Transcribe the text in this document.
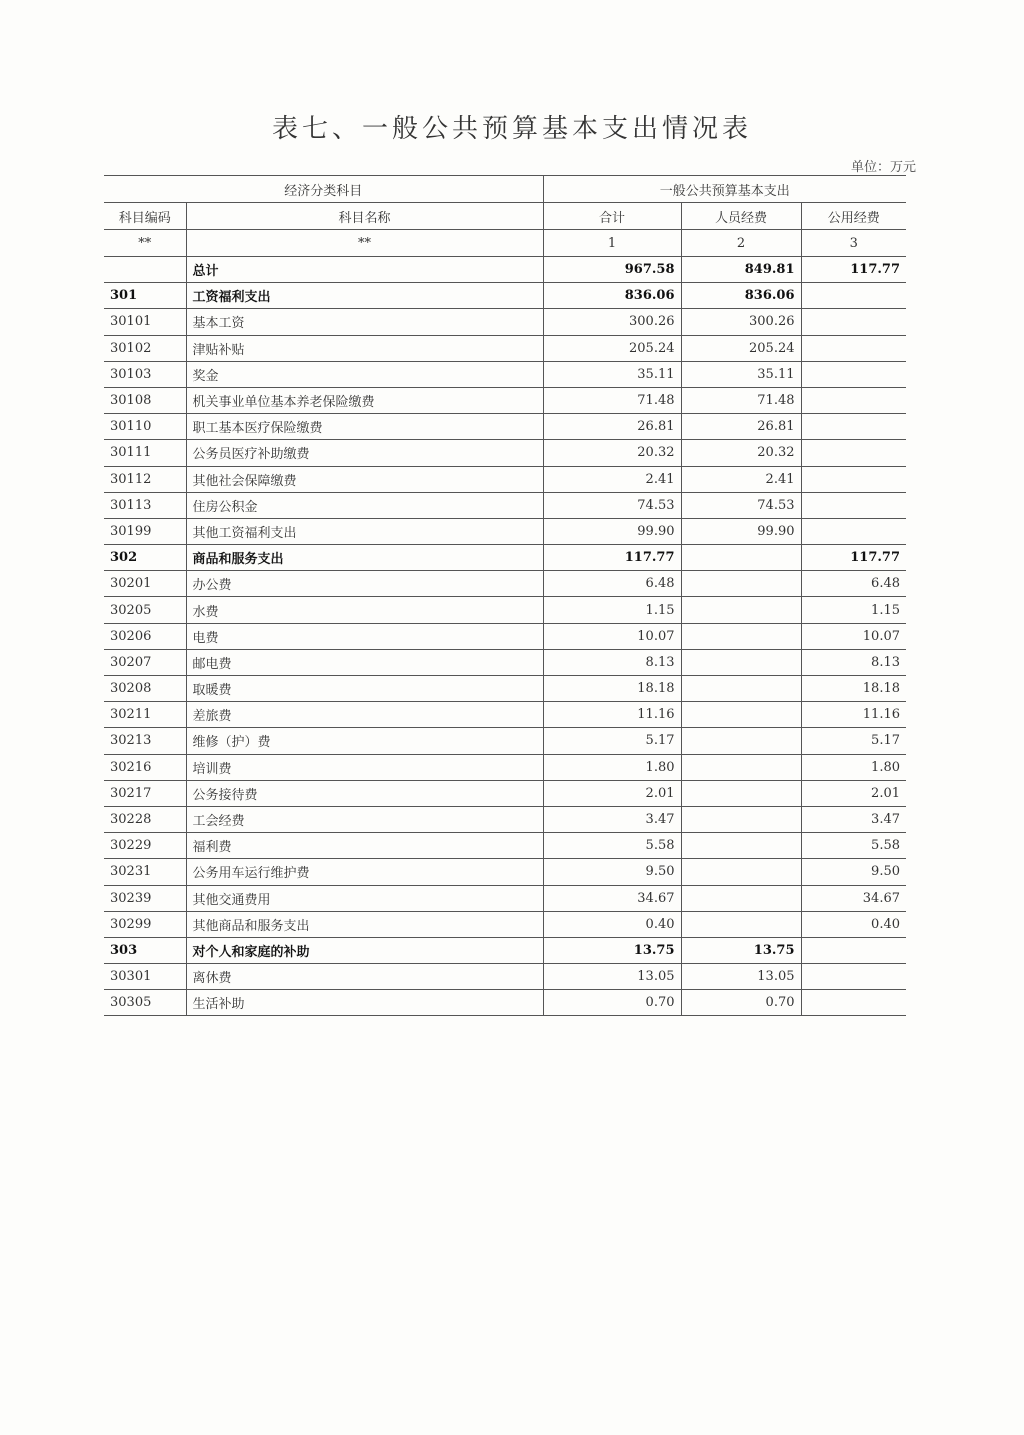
表七、一般公共预算基本支出情况表
单位：万元
经济分类科目		一般公共预算基本支出		
科目编码	科目名称	合计	人员经费	公用经费
**	**	1	2	3
	总计	967.58	849.81	117.77
301	工资福利支出	836.06	836.06	
30101	基本工资	300.26	300.26	
30102	津贴补贴	205.24	205.24	
30103	奖金	35.11	35.11	
30108	机关事业单位基本养老保险缴费	71.48	71.48	
30110	职工基本医疗保险缴费	26.81	26.81	
30111	公务员医疗补助缴费	20.32	20.32	
30112	其他社会保障缴费	2.41	2.41	
30113	住房公积金	74.53	74.53	
30199	其他工资福利支出	99.90	99.90	
302	商品和服务支出	117.77		117.77
30201	办公费	6.48		6.48
30205	水费	1.15		1.15
30206	电费	10.07		10.07
30207	邮电费	8.13		8.13
30208	取暖费	18.18		18.18
30211	差旅费	11.16		11.16
30213	维修（护）费	5.17		5.17
30216	培训费	1.80		1.80
30217	公务接待费	2.01		2.01
30228	工会经费	3.47		3.47
30229	福利费	5.58		5.58
30231	公务用车运行维护费	9.50		9.50
30239	其他交通费用	34.67		34.67
30299	其他商品和服务支出	0.40		0.40
303	对个人和家庭的补助	13.75	13.75	
30301	离休费	13.05	13.05	
30305	生活补助	0.70	0.70	
